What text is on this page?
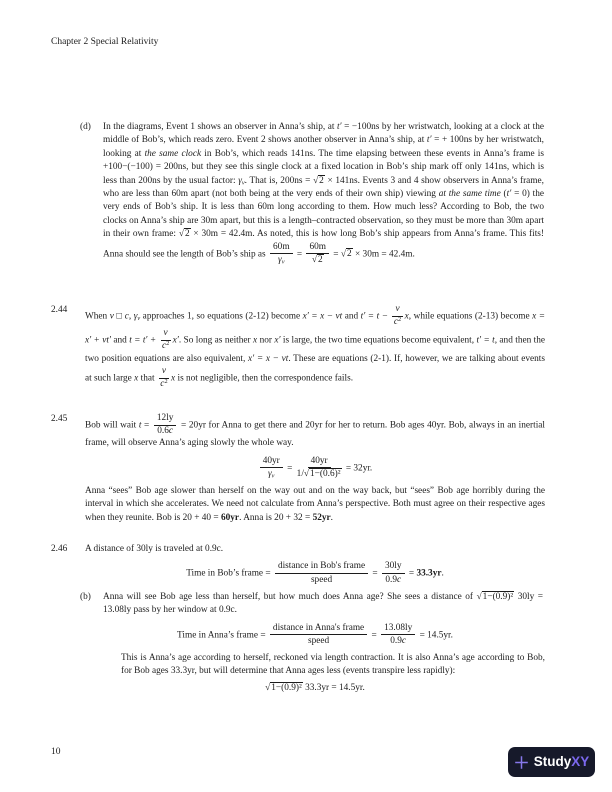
Chapter 2 Special Relativity
(d) In the diagrams, Event 1 shows an observer in Anna’s ship, at t′ = −100ns by her wristwatch, looking at a clock at the middle of Bob’s, which reads zero. Event 2 shows another observer in Anna’s ship, at t′ = + 100ns by her wristwatch, looking at the same clock in Bob’s, which reads 141ns. The time elapsing between these events in Anna’s frame is +100−(−100) = 200ns, but they see this single clock at a fixed location in Bob’s ship mark off only 141ns, which is less than 200ns by the usual factor: $\gamma_v$. That is, 200ns = √2 × 141ns. Events 3 and 4 show observers in Anna’s frame, who are less than 60m apart (not both being at the very ends of their own ship) viewing at the same time (t′ = 0) the very ends of Bob’s ship. It is less than 60m long according to them. How much less? According to Bob, the two clocks on Anna’s ship are 30m apart, but this is a length–contracted observation, so they must be more than 30m apart in their own frame: √2 × 30m = 42.4m. As noted, this is how long Bob’s ship appears from Anna’s frame. This fits! Anna should see the length of Bob’s ship as $\frac{60m}{\gamma_v} = \frac{60m}{√2} = √2 \times 30m = 42.4m$.

2.44

When v □ c, $\gamma_v$ approaches 1, so equations (2-12) become x′ = x − vt and $t' = t - \frac{v}{c^2} x$, while equations (2-13) become x = x′ + vt′ and $t = t' + \frac{v}{c^2} x'$. So long as neither x nor x′ is large, the two time equations become equivalent, t′ = t, and then the two position equations are also equivalent, x′ = x − vt. These are equations (2-1). If, however, we are talking about events at such large x that $\frac{v}{c^2}$ x is not negligible, then the correspondence fails.

2.45

Bob will wait $t = \frac{12ly}{0.6c} = 20yr$ for Anna to get there and 20yr for her to return. Bob ages 40yr. Bob, always in an inertial frame, will observe Anna’s aging slowly the whole way.

$\frac{40yr}{\gamma_v} = \frac{40yr}{\text{1/√1−(0.6)²}} = 32yr$.

Anna “sees” Bob age slower than herself on the way out and on the way back, but “sees” Bob age horribly during the interval in which she accelerates. We need not calculate from Anna’s perspective. Both must agree on their respective ages when they reunite. Bob is 20 + 40 = 60yr. Anna is 20 + 32 = 52yr.

2.46 A distance of 30ly is traveled at 0.9c.

Time in Bob’s frame = $\frac{\text{distance in Bob's frame}}{\text{speed}} = \frac{30ly}{0.9c} = 33.3yr$.
(b) Anna will see Bob age less than herself, but how much does Anna age? She sees a distance of √1−(0.9)² 30ly = 13.08ly pass by her window at 0.9c.

Time in Anna’s frame = $\frac{\text{distance in Anna's frame}}{\text{speed}} = \frac{13.08ly}{0.9c} = 14.5yr$.

This is Anna’s age according to herself, reckoned via length contraction. It is also Anna’s age according to Bob, for Bob ages 33.3yr, but will determine that Anna ages less (events transpire less rapidly):

√1−(0.9)² 33.3yr = 14.5yr.
10
StudyXY
